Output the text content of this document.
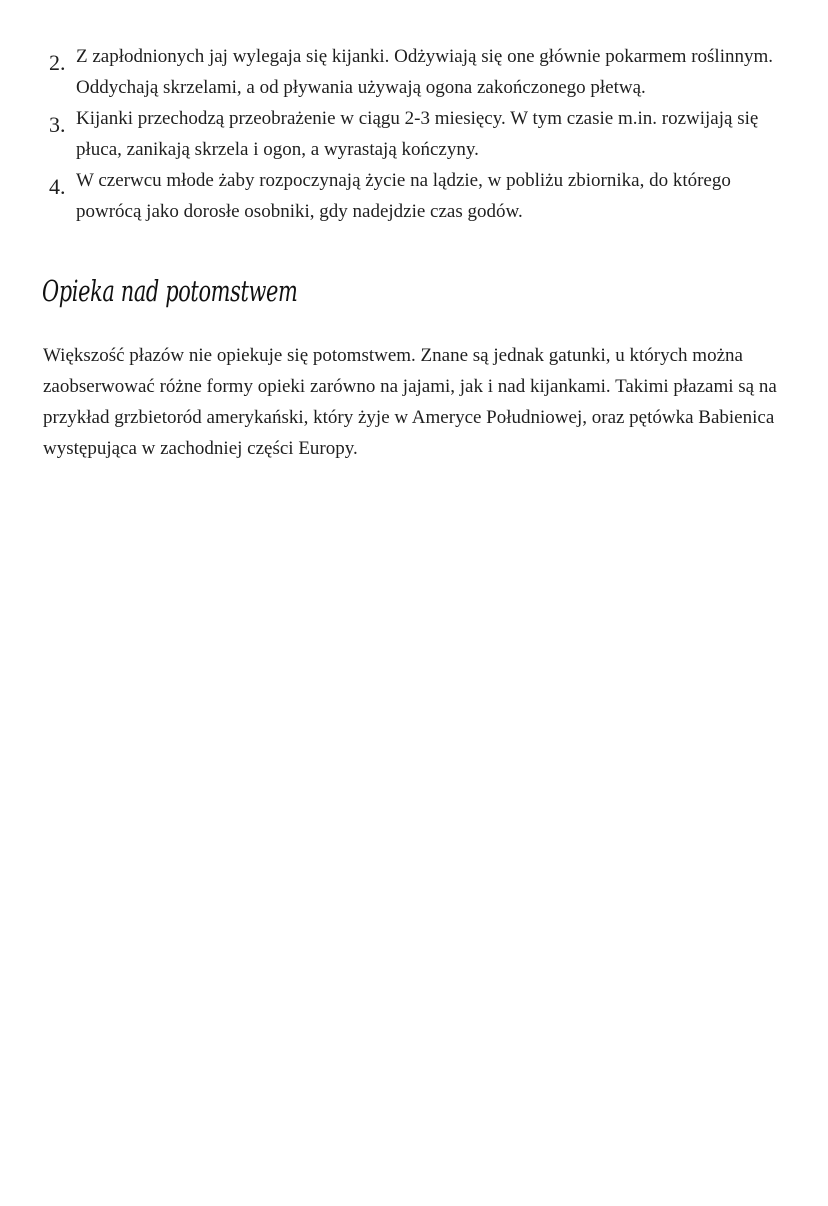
2. Z zapłodnionych jaj wylegaja się kijanki. Odżywiają się one głównie pokarmem roślinnym. Oddychają skrzelami, a od pływania używają ogona zakończonego płetwą.
3. Kijanki przechodzą przeobrażenie w ciągu 2-3 miesięcy. W tym czasie m.in. rozwijają się płuca, zanikają skrzela i ogon, a wyrastają kończyny.
4. W czerwcu młode żaby rozpoczynają życie na lądzie, w pobliżu zbiornika, do którego powrócą jako dorosłe osobniki, gdy nadejdzie czas godów.
Opieka nad potomstwem

Większość płazów nie opiekuje się potomstwem. Znane są jednak gatunki, u których można zaobserwować różne formy opieki zarówno na jajami, jak i nad kijankami. Takimi płazami są na przykład grzbietoród amerykański, który żyje w Ameryce Południowej, oraz pętówka Babienica występująca w zachodniej części Europy.
